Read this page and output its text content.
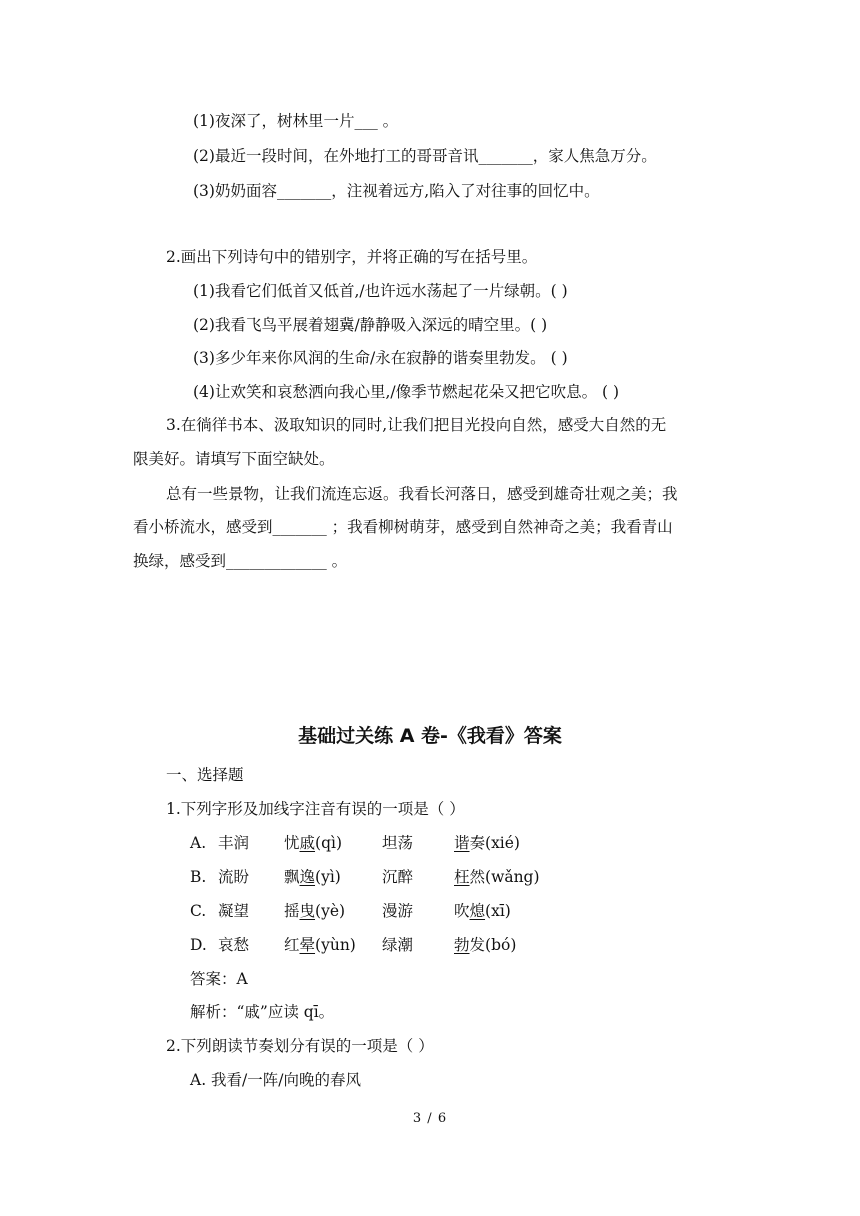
(1)夜深了，树林里一片___ 。
(2)最近一段时间，在外地打工的哥哥音讯_______，家人焦急万分。
(3)奶奶面容_______，注视着远方,陷入了对往事的回忆中。
2.画出下列诗句中的错别字，并将正确的写在括号里。
(1)我看它们低首又低首,/也许远水荡起了一片绿朝。( )
(2)我看飞鸟平展着翅冀/静静吸入深远的晴空里。( )
(3)多少年来你风润的生命/永在寂静的谐奏里勃发。 ( )
(4)让欢笑和哀愁洒向我心里,/像季节燃起花朵又把它吹息。 ( )
3.在徜徉书本、汲取知识的同时,让我们把目光投向自然，感受大自然的无
限美好。请填写下面空缺处。
总有一些景物，让我们流连忘返。我看长河落日，感受到雄奇壮观之美；我
看小桥流水，感受到_______ ；我看柳树萌芽，感受到自然神奇之美；我看青山
换绿，感受到_____________ 。
基础过关练 A 卷-《我看》答案
一、选择题
1.下列字形及加线字注音有误的一项是（ ）
A. 丰润 忧戚(qì)	坦荡	谐奏(xié)
B. 流盼 飘逸(yì)	沉醉	枉然(wǎng)
C. 凝望 摇曳(yè) 漫游	吹熄(xī)
D. 哀愁 红晕(yùn) 绿潮	勃发(bó)
答案：A
解析：“戚”应读 qī。
2.下列朗读节奏划分有误的一项是（ ）
A. 我看/一阵/向晚的春风
3 / 6
